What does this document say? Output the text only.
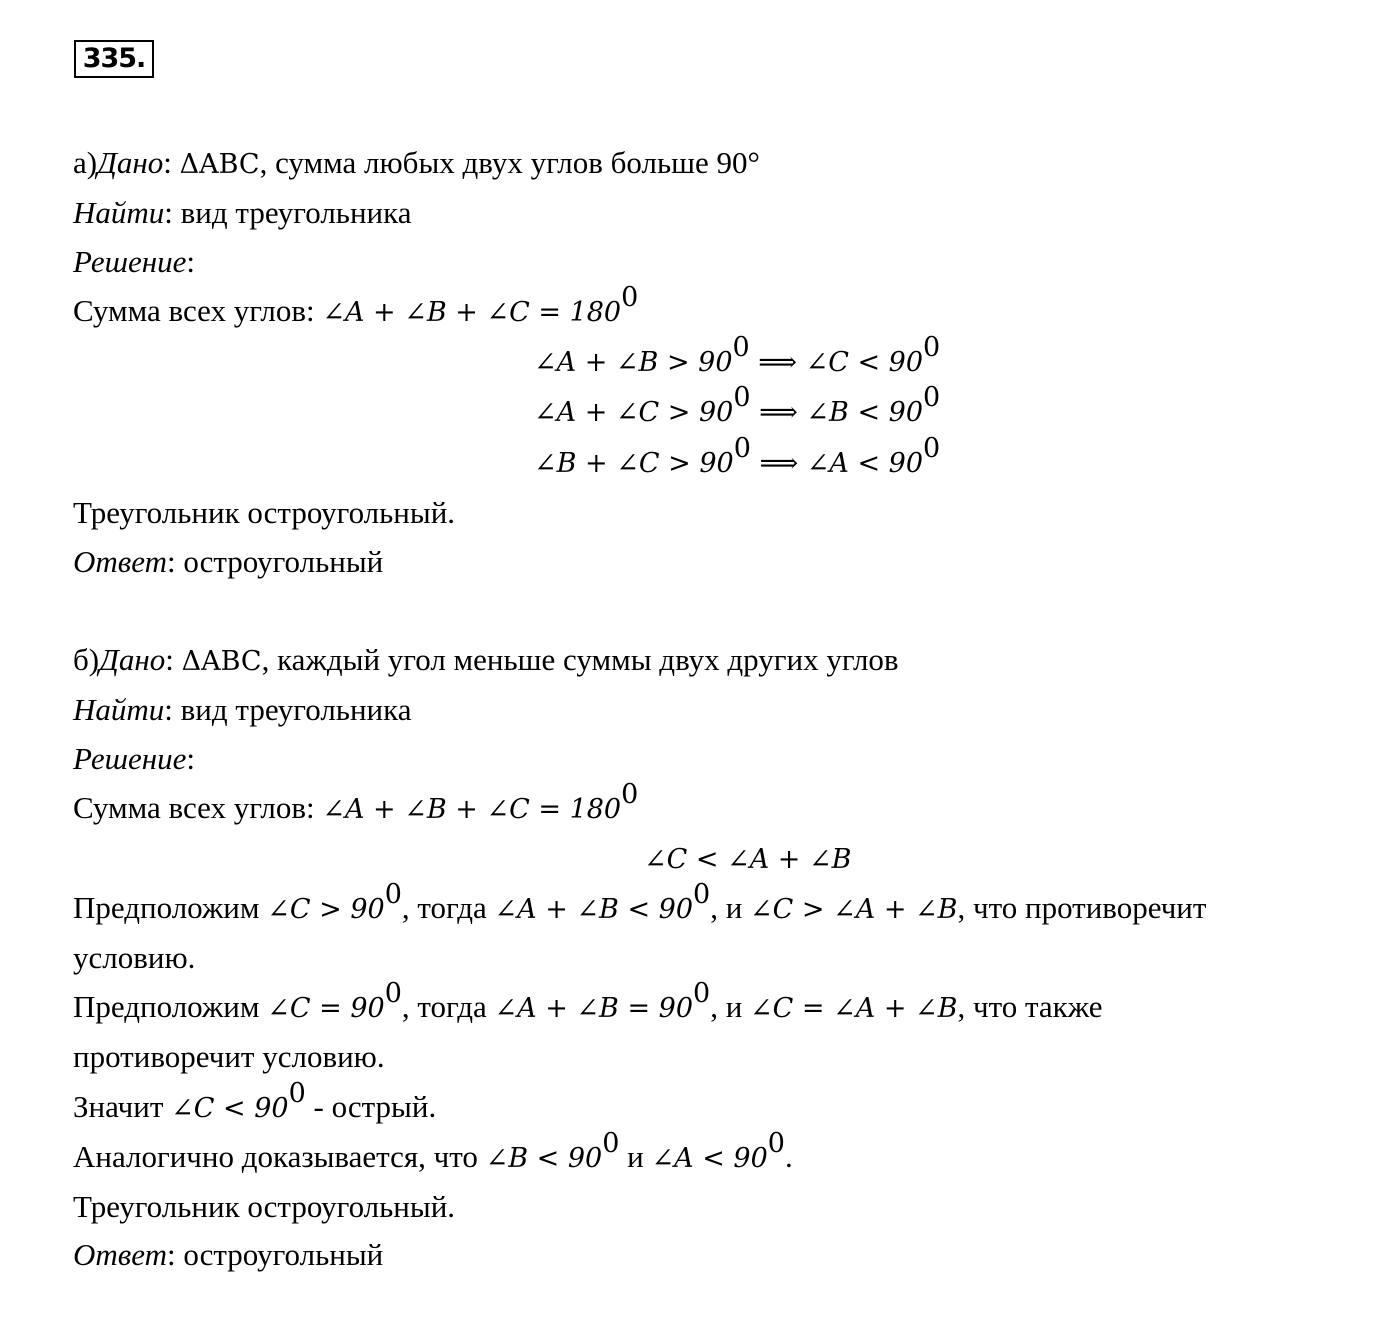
335.
а)Дано: ΔABC, сумма любых двух углов больше 90°
Найти: вид треугольника
Решение:
Сумма всех углов: ∠A + ∠B + ∠C = $180^0$
∠A + ∠B > $90^0$ ⟹ ∠C < $90^0$
∠A + ∠C > $90^0$ ⟹ ∠B < $90^0$
∠B + ∠C > $90^0$ ⟹ ∠A < $90^0$
Треугольник остроугольный.
Ответ: остроугольный
б)Дано: ΔABC, каждый угол меньше суммы двух других углов
Найти: вид треугольника
Решение:
Сумма всех углов: ∠A + ∠B + ∠C = $180^0$
∠C < ∠A + ∠B
Предположим ∠C > $90^0$, тогда ∠A + ∠B < $90^0$, и ∠C > ∠A + ∠B, что противоречит
условию.
Предположим ∠C = $90^0$, тогда ∠A + ∠B = $90^0$, и ∠C = ∠A + ∠B, что также
противоречит условию.
Значит ∠C < $90^0$ - острый.
Аналогично доказывается, что ∠B < $90^0$ и ∠A < $90^0$.
Треугольник остроугольный.
Ответ: остроугольный
